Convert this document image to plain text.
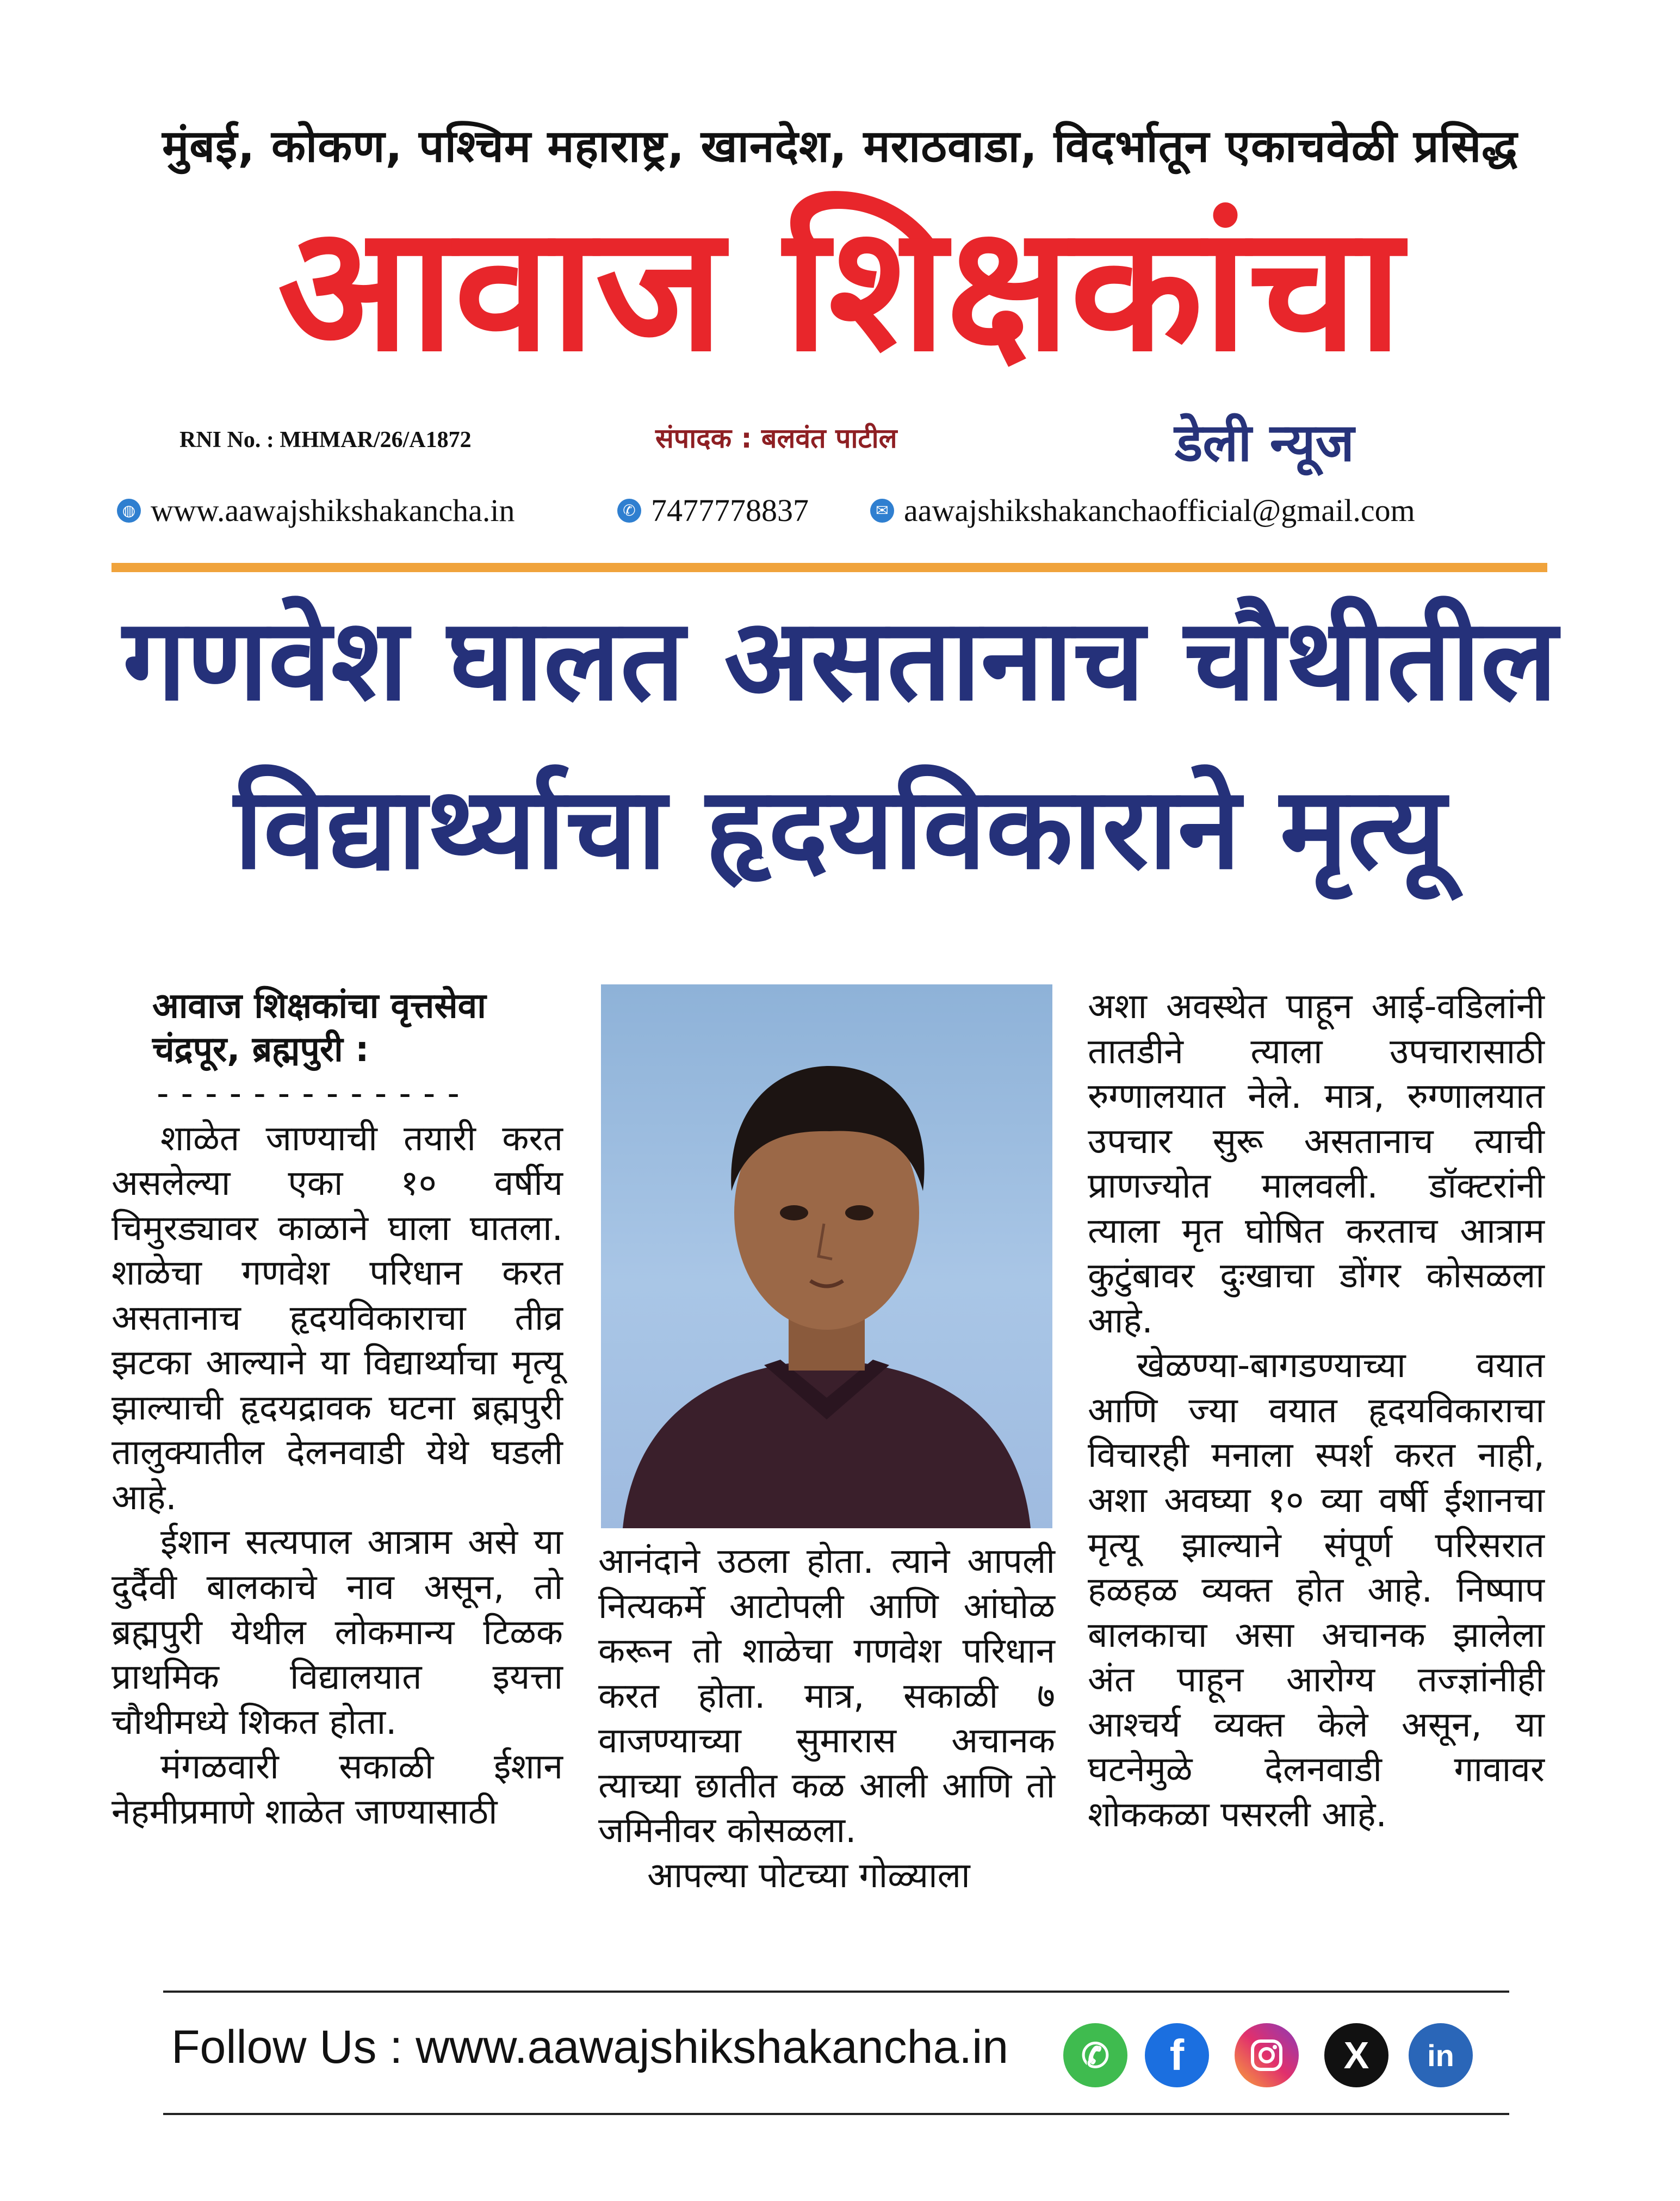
मुंबई, कोकण, पश्चिम महाराष्ट्र, खानदेश, मराठवाडा, विदर्भातून एकाचवेळी प्रसिद्ध
आवाज शिक्षकांचा
RNI No. : MHMAR/26/A1872	संपादक : बलवंत पाटील	डेली न्यूज
◍ www.aawajshikshakancha.in	✆ 7477778837	✉ aawajshikshakanchaofficial@gmail.com
गणवेश घालत असतानाच चौथीतील
विद्यार्थ्याचा हृदयविकाराने मृत्यू
आवाज शिक्षकांचा वृत्तसेवा
चंद्रपूर, ब्रह्मपुरी :
-------------

शाळेत जाण्याची तयारी करत असलेल्या एका १० वर्षीय चिमुरड्यावर काळाने घाला घातला. शाळेचा गणवेश परिधान करत असतानाच हृदयविकाराचा तीव्र झटका आल्याने या विद्यार्थ्याचा मृत्यू झाल्याची हृदयद्रावक घटना ब्रह्मपुरी तालुक्यातील देलनवाडी येथे घडली आहे.

ईशान सत्यपाल आत्राम असे या दुर्दैवी बालकाचे नाव असून, तो ब्रह्मपुरी येथील लोकमान्य टिळक प्राथमिक विद्यालयात इयत्ता चौथीमध्ये शिकत होता.

मंगळवारी सकाळी ईशान नेहमीप्रमाणे शाळेत जाण्यासाठी

आनंदाने उठला होता. त्याने आपली नित्यकर्मे आटोपली आणि आंघोळ करून तो शाळेचा गणवेश परिधान करत होता. मात्र, सकाळी ७ वाजण्याच्या सुमारास अचानक त्याच्या छातीत कळ आली आणि तो जमिनीवर कोसळला.

आपल्या पोटच्या गोळ्याला

अशा अवस्थेत पाहून आई-वडिलांनी तातडीने त्याला उपचारासाठी रुग्णालयात नेले. मात्र, रुग्णालयात उपचार सुरू असतानाच त्याची प्राणज्योत मालवली. डॉक्टरांनी त्याला मृत घोषित करताच आत्राम कुटुंबावर दुःखाचा डोंगर कोसळला आहे.

खेळण्या-बागडण्याच्या वयात आणि ज्या वयात हृदयविकाराचा विचारही मनाला स्पर्श करत नाही, अशा अवघ्या १० व्या वर्षी ईशानचा मृत्यू झाल्याने संपूर्ण परिसरात हळहळ व्यक्त होत आहे. निष्पाप बालकाचा असा अचानक झालेला अंत पाहून आरोग्य तज्ज्ञांनीही आश्चर्य व्यक्त केले असून, या घटनेमुळे देलनवाडी गावावर शोककळा पसरली आहे.

Follow Us : www.aawajshikshakancha.in ✆ f	X in
